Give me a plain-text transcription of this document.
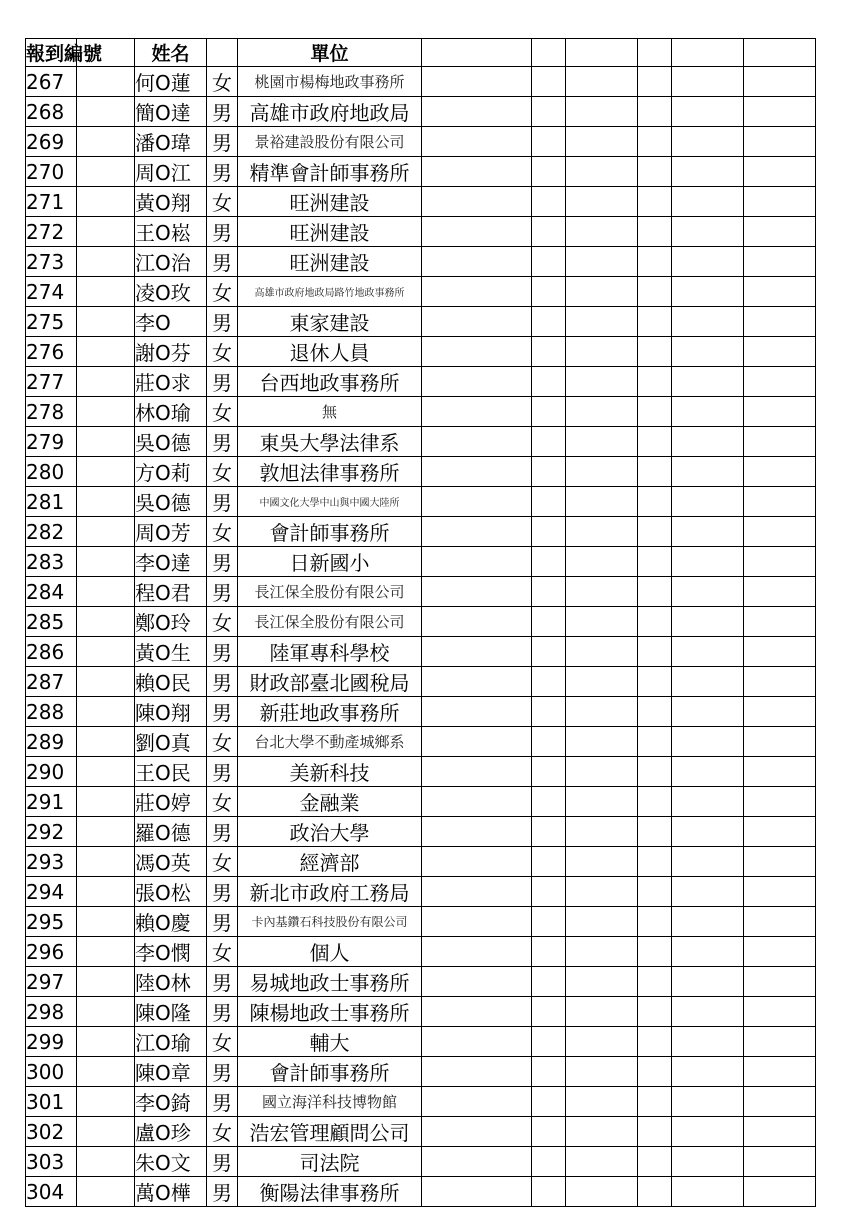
報到編號		姓名		單位						
267		何O蓮	女	桃園市楊梅地政事務所						
268		簡O達	男	高雄市政府地政局						
269		潘O瑋	男	景裕建設股份有限公司						
270		周O江	男	精準會計師事務所						
271		黃O翔	女	旺洲建設						
272		王O崧	男	旺洲建設						
273		江O治	男	旺洲建設						
274		凌O玫	女	高雄市政府地政局路竹地政事務所						
275		李O	男	東家建設						
276		謝O芬	女	退休人員						
277		莊O求	男	台西地政事務所						
278		林O瑜	女	無						
279		吳O德	男	東吳大學法律系						
280		方O莉	女	敦旭法律事務所						
281		吳O德	男	中國文化大學中山與中國大陸所						
282		周O芳	女	會計師事務所						
283		李O達	男	日新國小						
284		程O君	男	長江保全股份有限公司						
285		鄭O玲	女	長江保全股份有限公司						
286		黃O生	男	陸軍專科學校						
287		賴O民	男	財政部臺北國稅局						
288		陳O翔	男	新莊地政事務所						
289		劉O真	女	台北大學不動產城鄉系						
290		王O民	男	美新科技						
291		莊O婷	女	金融業						
292		羅O德	男	政治大學						
293		馮O英	女	經濟部						
294		張O松	男	新北市政府工務局						
295		賴O慶	男	卡內基鑽石科技股份有限公司						
296		李O憫	女	個人						
297		陸O林	男	易城地政士事務所						
298		陳O隆	男	陳楊地政士事務所						
299		江O瑜	女	輔大						
300		陳O章	男	會計師事務所						
301		李O錡	男	國立海洋科技博物館						
302		盧O珍	女	浩宏管理顧問公司						
303		朱O文	男	司法院						
304		萬O樺	男	衡陽法律事務所						
